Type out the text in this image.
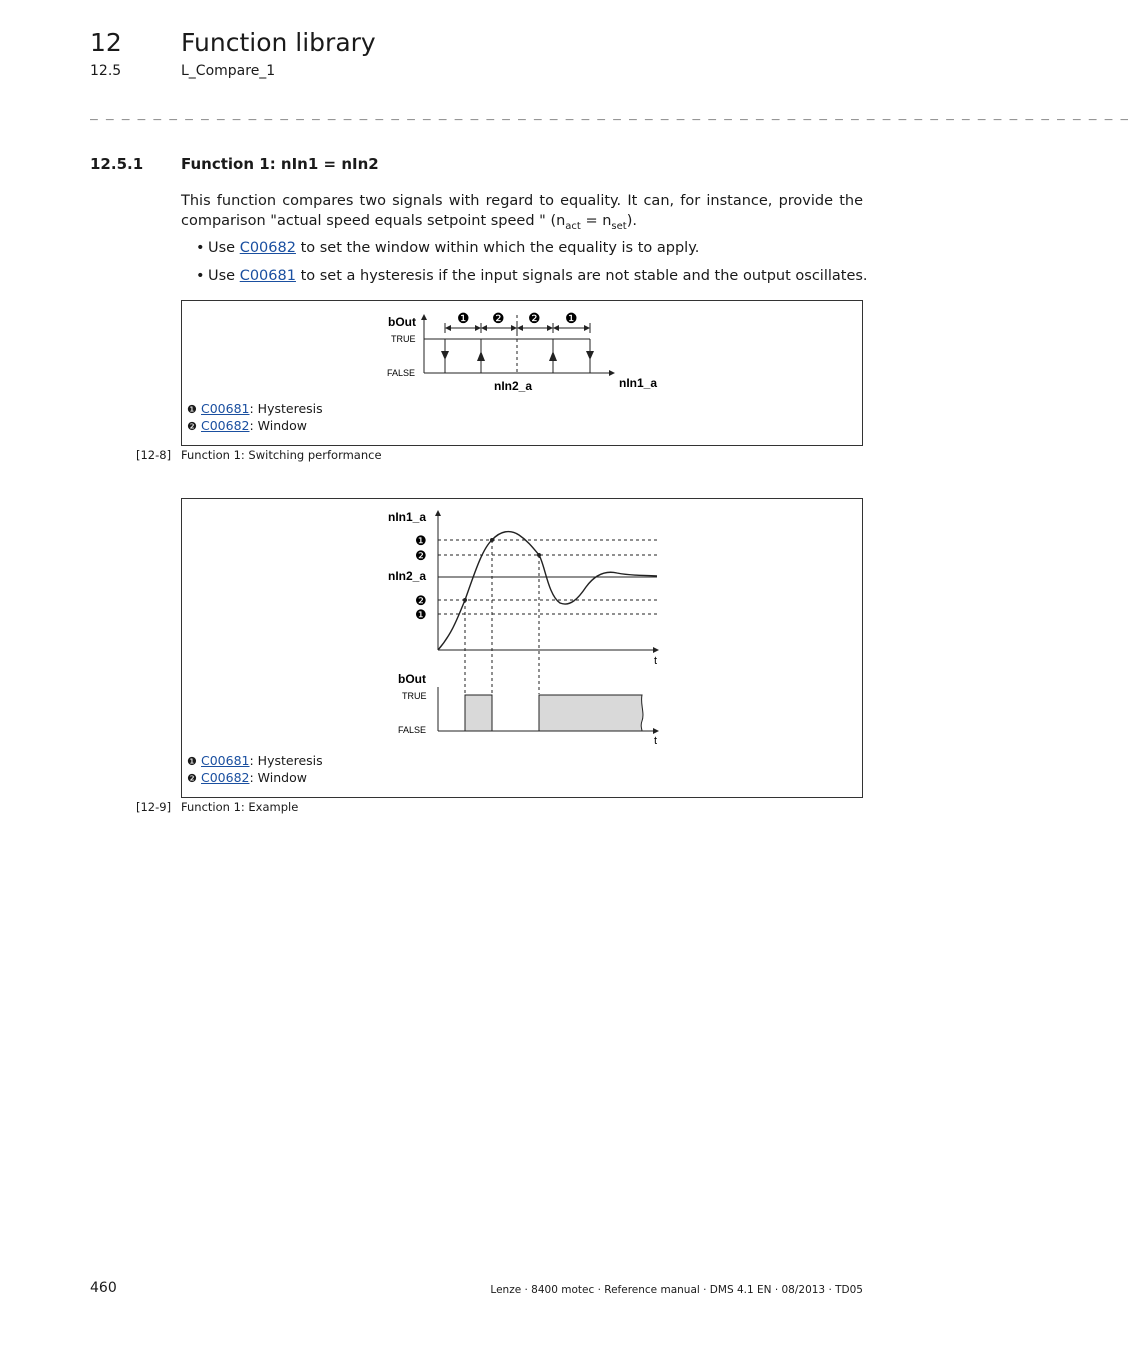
12 Function library
12.5	L_Compare_1
_ _ _ _ _ _ _ _ _ _ _ _ _ _ _ _ _ _ _ _ _ _ _ _ _ _ _ _ _ _ _ _ _ _ _ _ _ _ _ _ _ _ _ _ _ _ _ _ _ _ _ _ _ _ _ _ _ _ _ _ _ _ _ _ _ _
12.5.1	Function 1: nIn1 = nIn2
This function compares two signals with regard to equality. It can, for instance, provide the comparison "actual speed equals setpoint speed " $(n_{act} = n_{set})$.
• Use C00682 to set the window within which the equality is to apply.
• Use C00681 to set a hysteresis if the input signals are not stable and the output oscillates.
bOut
TRUE
FALSE
nIn2_a	nIn1_a
❶ ❷ ❷ ❶
❶ C00681: Hysteresis
❷ C00682: Window
[12-8] Function 1: Switching performance
nIn1_a
nIn2_a
t
❶
❷
❷
❶
bOut
TRUE
FALSE
t
❶ C00681: Hysteresis
❷ C00682: Window
[12-9] Function 1: Example
460	Lenze · 8400 motec · Reference manual · DMS 4.1 EN · 08/2013 · TD05
